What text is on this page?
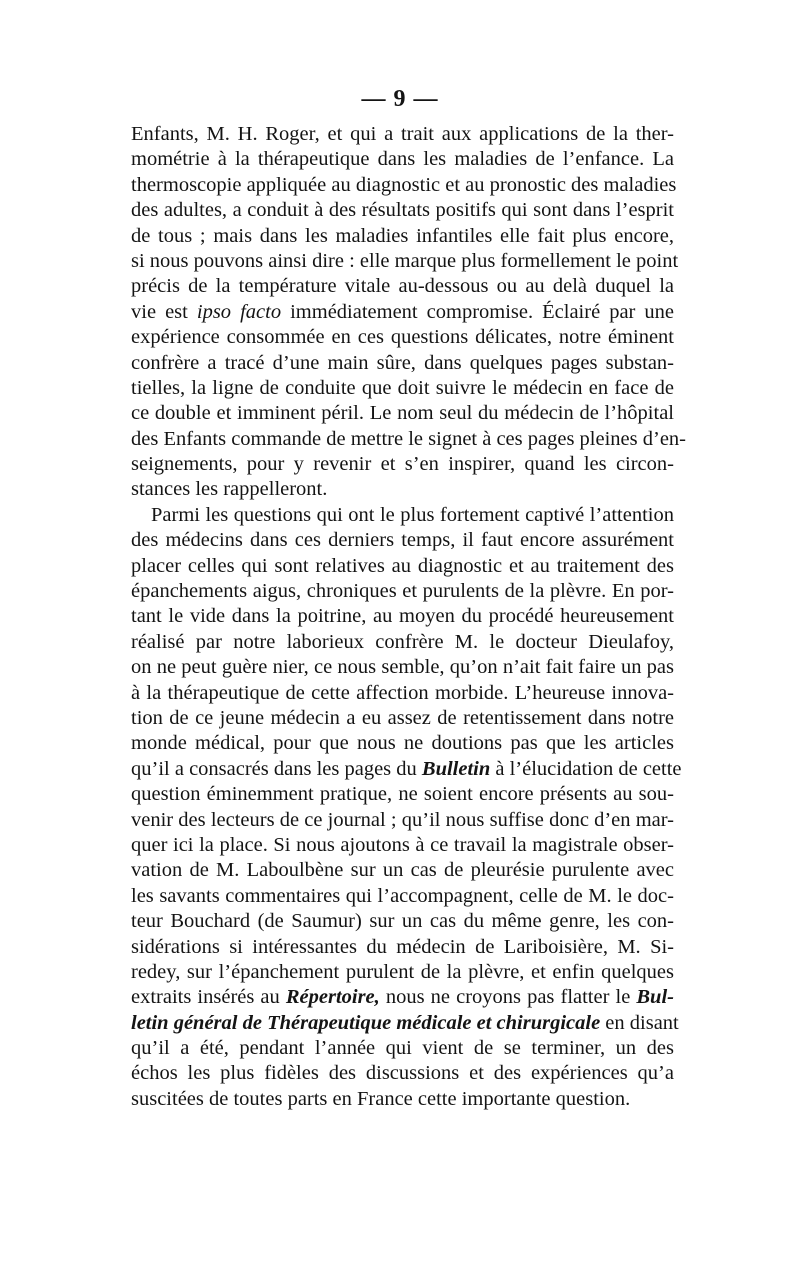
— 9 —
Enfants, M. H. Roger, et qui a trait aux applications de la ther-
mométrie à la thérapeutique dans les maladies de l’enfance. La
thermoscopie appliquée au diagnostic et au pronostic des maladies
des adultes, a conduit à des résultats positifs qui sont dans l’esprit
de tous ; mais dans les maladies infantiles elle fait plus encore,
si nous pouvons ainsi dire : elle marque plus formellement le point
précis de la température vitale au-dessous ou au delà duquel la
vie est ipso facto immédiatement compromise. Éclairé par une
expérience consommée en ces questions délicates, notre éminent
confrère a tracé d’une main sûre, dans quelques pages substan-
tielles, la ligne de conduite que doit suivre le médecin en face de
ce double et imminent péril. Le nom seul du médecin de l’hôpital
des Enfants commande de mettre le signet à ces pages pleines d’en-
seignements, pour y revenir et s’en inspirer, quand les circon-
stances les rappelleront.
Parmi les questions qui ont le plus fortement captivé l’attention
des médecins dans ces derniers temps, il faut encore assurément
placer celles qui sont relatives au diagnostic et au traitement des
épanchements aigus, chroniques et purulents de la plèvre. En por-
tant le vide dans la poitrine, au moyen du procédé heureusement
réalisé par notre laborieux confrère M. le docteur Dieulafoy,
on ne peut guère nier, ce nous semble, qu’on n’ait fait faire un pas
à la thérapeutique de cette affection morbide. L’heureuse innova-
tion de ce jeune médecin a eu assez de retentissement dans notre
monde médical, pour que nous ne doutions pas que les articles
qu’il a consacrés dans les pages du Bulletin à l’élucidation de cette
question éminemment pratique, ne soient encore présents au sou-
venir des lecteurs de ce journal ; qu’il nous suffise donc d’en mar-
quer ici la place. Si nous ajoutons à ce travail la magistrale obser-
vation de M. Laboulbène sur un cas de pleurésie purulente avec
les savants commentaires qui l’accompagnent, celle de M. le doc-
teur Bouchard (de Saumur) sur un cas du même genre, les con-
sidérations si intéressantes du médecin de Lariboisière, M. Si-
redey, sur l’épanchement purulent de la plèvre, et enfin quelques
extraits insérés au Répertoire, nous ne croyons pas flatter le Bul-
letin général de Thérapeutique médicale et chirurgicale en disant
qu’il a été, pendant l’année qui vient de se terminer, un des
échos les plus fidèles des discussions et des expériences qu’a
suscitées de toutes parts en France cette importante question.
